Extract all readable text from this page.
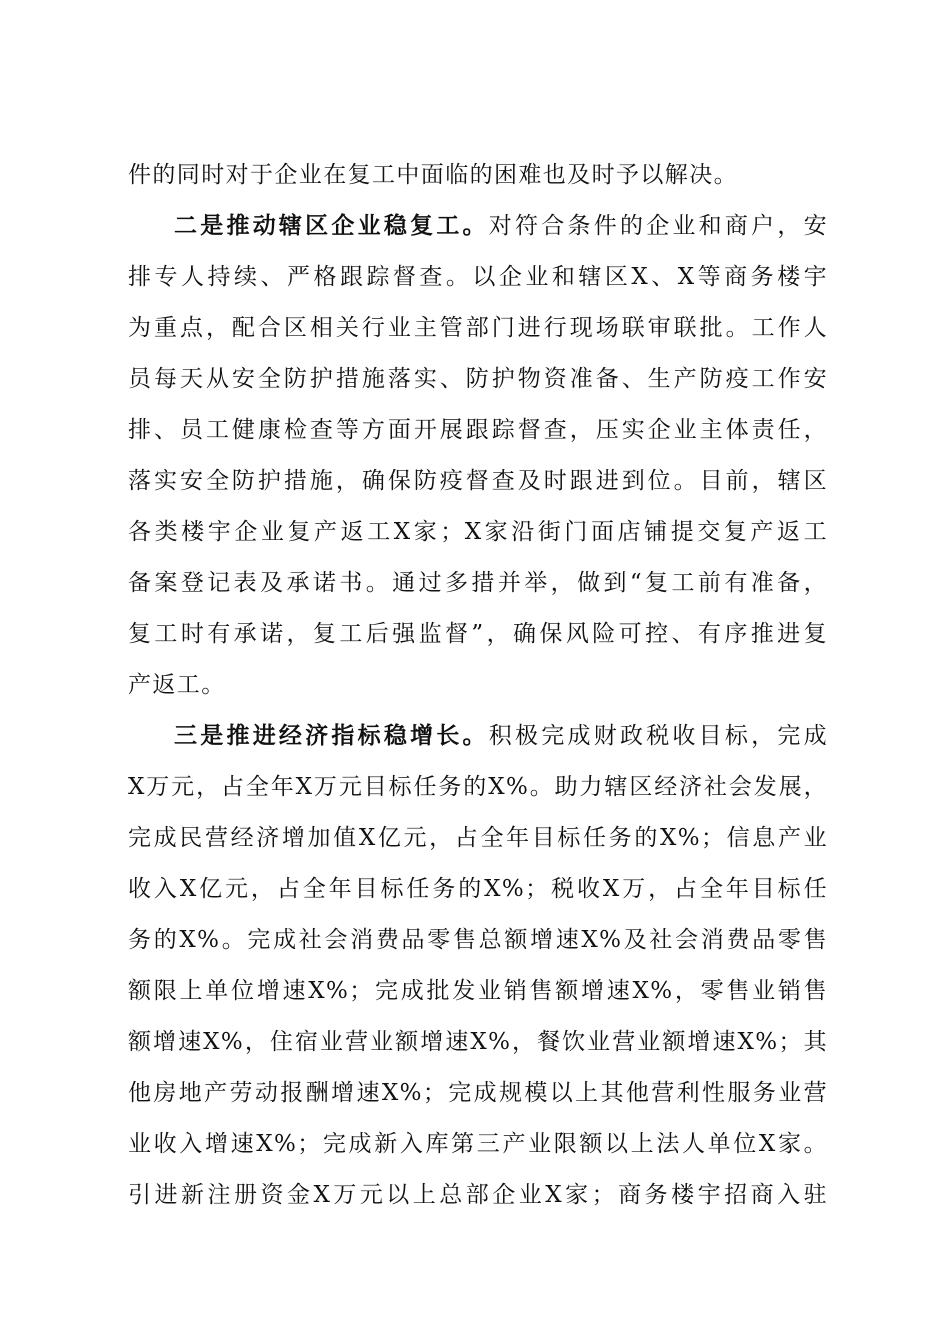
件的同时对于企业在复工中面临的困难也及时予以解决。
二是推动辖区企业稳复工。对符合条件的企业和商户，安
排专人持续、严格跟踪督查。以企业和辖区X、X等商务楼宇
为重点，配合区相关行业主管部门进行现场联审联批。工作人
员每天从安全防护措施落实、防护物资准备、生产防疫工作安
排、员工健康检查等方面开展跟踪督查，压实企业主体责任，
落实安全防护措施，确保防疫督查及时跟进到位。目前，辖区
各类楼宇企业复产返工X家；X家沿街门面店铺提交复产返工
备案登记表及承诺书。通过多措并举，做到“复工前有准备，
复工时有承诺，复工后强监督”，确保风险可控、有序推进复
产返工。
三是推进经济指标稳增长。积极完成财政税收目标，完成
X万元，占全年X万元目标任务的X%。助力辖区经济社会发展，
完成民营经济增加值X亿元，占全年目标任务的X%；信息产业
收入X亿元，占全年目标任务的X%；税收X万，占全年目标任
务的X%。完成社会消费品零售总额增速X%及社会消费品零售
额限上单位增速X%；完成批发业销售额增速X%，零售业销售
额增速X%，住宿业营业额增速X%，餐饮业营业额增速X%；其
他房地产劳动报酬增速X%；完成规模以上其他营利性服务业营
业收入增速X%；完成新入库第三产业限额以上法人单位X家。
引进新注册资金X万元以上总部企业X家；商务楼宇招商入驻
